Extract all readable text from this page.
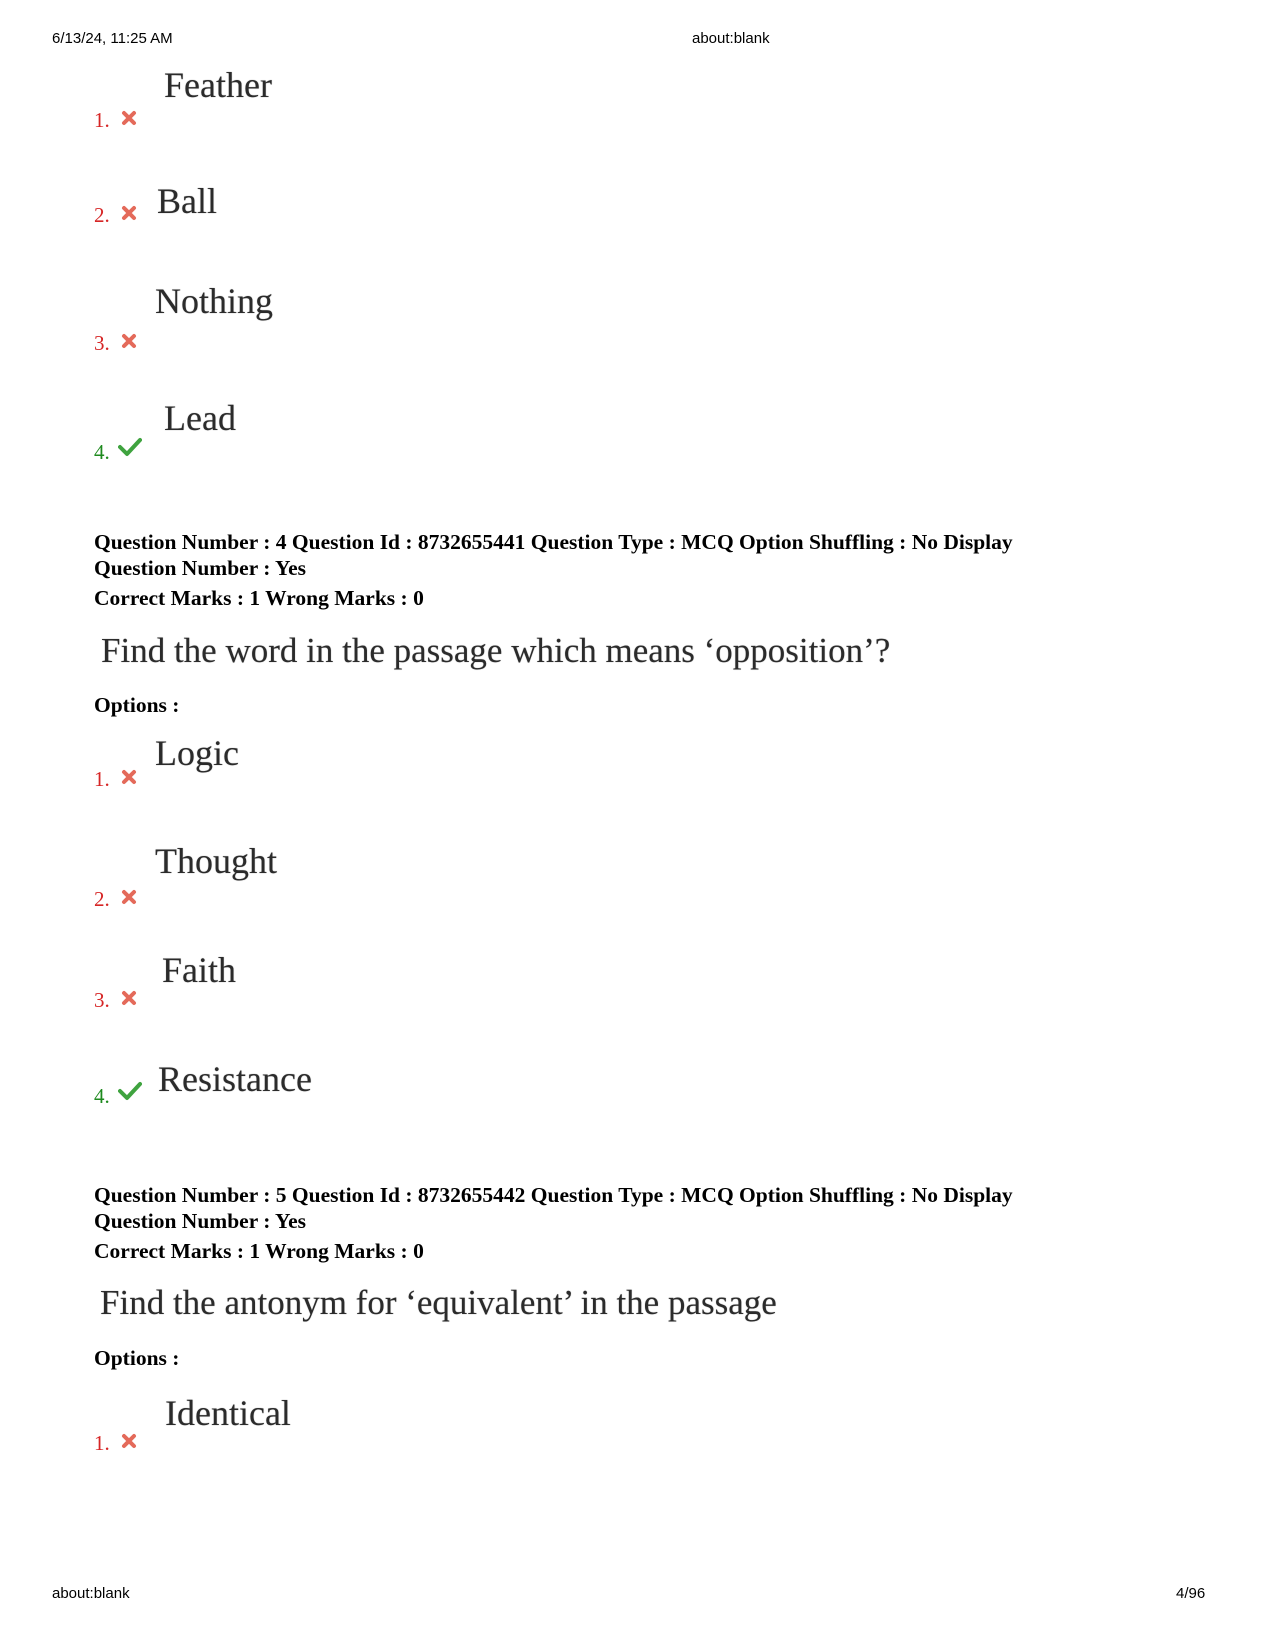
6/13/24, 11:25 AM	about:blank
1.
Feather
2. Ball
3.
Nothing
4.
Lead
Question Number : 4 Question Id : 8732655441 Question Type : MCQ Option Shuffling : No Display
Question Number : Yes
Correct Marks : 1 Wrong Marks : 0
Find the word in the passage which means ‘opposition’?
Options :
1.
Logic
2.
Thought
3.
Faith
4. Resistance
Question Number : 5 Question Id : 8732655442 Question Type : MCQ Option Shuffling : No Display
Question Number : Yes
Correct Marks : 1 Wrong Marks : 0
Find the antonym for ‘equivalent’ in the passage
Options :
1.
Identical
about:blank	4/96
